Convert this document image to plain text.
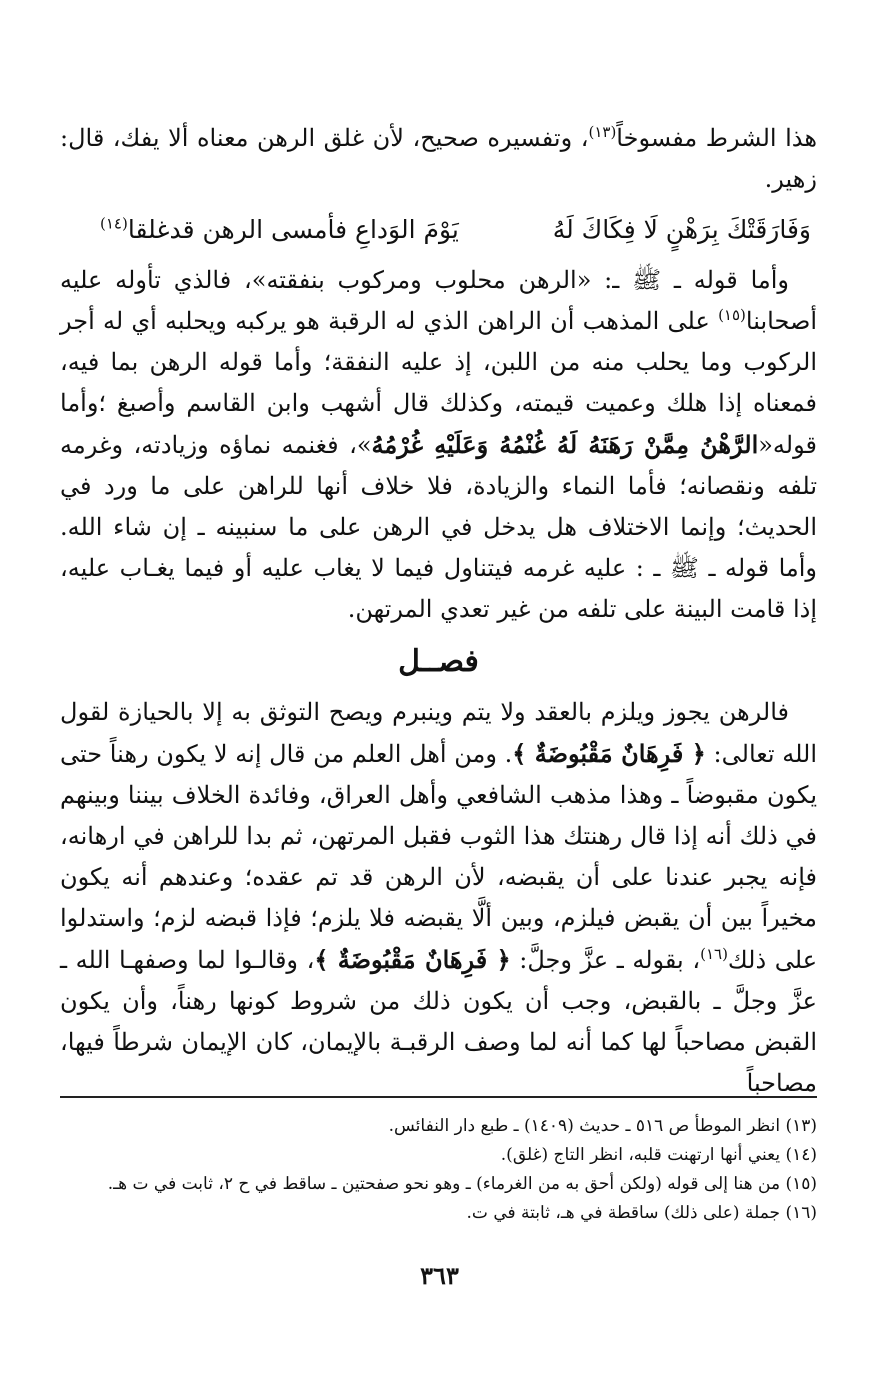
هذا الشرط مفسوخاً$^{(١٣)}$، وتفسيره صحيح، لأن غلق الرهن معناه ألا يفك، قال: زهير.

وَفَارَقَتْكَ بِرَهْنٍ لَا فِكَاكَ لَهُ
يَوْمَ الوَداعِ فأمسى الرهن قدغلقا$^{(١٤)}$

وأما قوله ـ ﷺ ـ: «الرهن محلوب ومركوب بنفقته»، فالذي تأوله عليه أصحابنا$^{(١٥)}$ على المذهب أن الراهن الذي له الرقبة هو يركبه ويحلبه أي له أجر الركوب وما يحلب منه من اللبن، إذ عليه النفقة؛ وأما قوله الرهن بما فيه، فمعناه إذا هلك وعميت قيمته، وكذلك قال أشهب وابن القاسم وأصبغ ؛وأما قوله«الرَّهْنُ مِمَّنْ رَهَنَهُ لَهُ غُنْمُهُ وَعَلَيْهِ غُرْمُهُ»، فغنمه نماؤه وزيادته، وغرمه تلفه ونقصانه؛ فأما النماء والزيادة، فلا خلاف أنها للراهن على ما ورد في الحديث؛ وإنما الاختلاف هل يدخل في الرهن على ما سنبينه ـ إن شاء الله. وأما قوله ـ ﷺ ـ : عليه غرمه فيتناول فيما لا يغاب عليه أو فيما يغـاب عليه، إذا قامت البينة على تلفه من غير تعدي المرتهن.

فصــل

فالرهن يجوز ويلزم بالعقد ولا يتم وينبرم ويصح التوثق به إلا بالحيازة لقول الله تعالى: ﴿ فَرِهَانٌ مَقْبُوضَةٌ ﴾. ومن أهل العلم من قال إنه لا يكون رهناً حتى يكون مقبوضاً ـ وهذا مذهب الشافعي وأهل العراق، وفائدة الخلاف بيننا وبينهم في ذلك أنه إذا قال رهنتك هذا الثوب فقبل المرتهن، ثم بدا للراهن في ارهانه، فإنه يجبر عندنا على أن يقبضه، لأن الرهن قد تم عقده؛ وعندهم أنه يكون مخيراً بين أن يقبض فيلزم، وبين ألَّا يقبضه فلا يلزم؛ فإذا قبضه لزم؛ واستدلوا على ذلك$^{(١٦)}$، بقوله ـ عزَّ وجلَّ: ﴿ فَرِهَانٌ مَقْبُوضَةٌ ﴾، وقالـوا لما وصفهـا الله ـ عزَّ وجلَّ ـ بالقبض، وجب أن يكون ذلك من شروط كونها رهناً، وأن يكون القبض مصاحباً لها كما أنه لما وصف الرقبـة بالإيمان، كان الإيمان شرطاً فيها، مصاحباً

(١٣) انظر الموطأ ص ٥١٦ ـ حديث (١٤٠٩) ـ طبع دار النفائس.

(١٤) يعني أنها ارتهنت قلبه، انظر التاج (غلق).

(١٥) من هنا إلى قوله (ولكن أحق به من الغرماء) ـ وهو نحو صفحتين ـ ساقط في ح ٢، ثابت في ت هـ.

(١٦) جملة (على ذلك) ساقطة في هـ، ثابتة في ت.

٣٦٣
